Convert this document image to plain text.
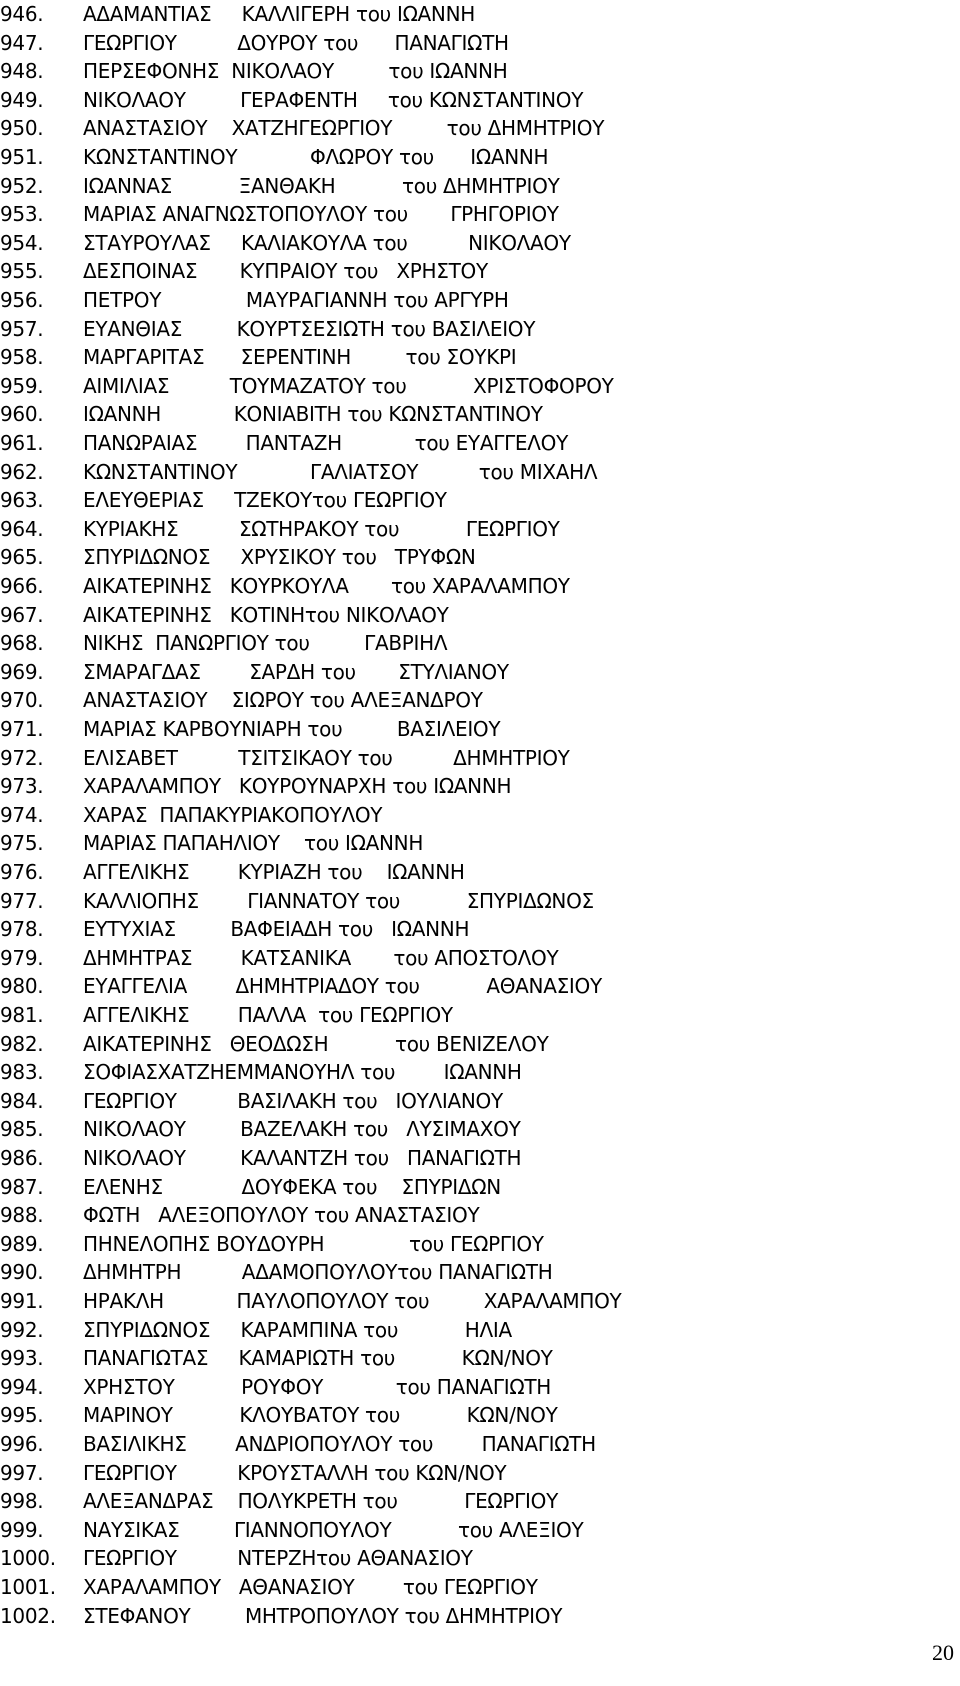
946. ΑΔΑΜΑΝΤΙΑΣ     ΚΑΛΛΙΓΕΡΗ του ΙΩΑΝΝΗ
947. ΓΕΩΡΓΙΟΥ          ΔΟΥΡΟΥ του      ΠΑΝΑΓΙΩΤΗ
948. ΠΕΡΣΕΦΟΝΗΣ  ΝΙΚΟΛΑΟΥ         του ΙΩΑΝΝΗ
949. ΝΙΚΟΛΑΟΥ         ΓΕΡΑΦΕΝΤΗ     του ΚΩΝΣΤΑΝΤΙΝΟΥ
950. ΑΝΑΣΤΑΣΙΟΥ    ΧΑΤΖΗΓΕΩΡΓΙΟΥ         του ΔΗΜΗΤΡΙΟΥ
951. ΚΩΝΣΤΑΝΤΙΝΟΥ            ΦΛΩΡΟΥ του      ΙΩΑΝΝΗ
952. ΙΩΑΝΝΑΣ           ΞΑΝΘΑΚΗ           του ΔΗΜΗΤΡΙΟΥ
953. ΜΑΡΙΑΣ ΑΝΑΓΝΩΣΤΟΠΟΥΛΟΥ του       ΓΡΗΓΟΡΙΟΥ
954. ΣΤΑΥΡΟΥΛΑΣ     ΚΑΛΙΑΚΟΥΛΑ του          ΝΙΚΟΛΑΟΥ
955. ΔΕΣΠΟΙΝΑΣ       ΚΥΠΡΑΙΟΥ του   ΧΡΗΣΤΟΥ
956. ΠΕΤΡΟΥ              ΜΑΥΡΑΓΙΑΝΝΗ του ΑΡΓΥΡΗ
957. ΕΥΑΝΘΙΑΣ         ΚΟΥΡΤΣΕΣΙΩΤΗ του ΒΑΣΙΛΕΙΟΥ
958. ΜΑΡΓΑΡΙΤΑΣ      ΣΕΡΕΝΤΙΝΗ         του ΣΟΥΚΡΙ
959. ΑΙΜΙΛΙΑΣ          ΤΟΥΜΑΖΑΤΟΥ του           ΧΡΙΣΤΟΦΟΡΟΥ
960. ΙΩΑΝΝΗ            ΚΟΝΙΑΒΙΤΗ του ΚΩΝΣΤΑΝΤΙΝΟΥ
961. ΠΑΝΩΡΑΙΑΣ        ΠΑΝΤΑΖΗ            του ΕΥΑΓΓΕΛΟΥ
962. ΚΩΝΣΤΑΝΤΙΝΟΥ            ΓΑΛΙΑΤΣΟΥ          του ΜΙΧΑΗΛ
963. ΕΛΕΥΘΕΡΙΑΣ     ΤΖΕΚΟΥτου ΓΕΩΡΓΙΟΥ
964. ΚΥΡΙΑΚΗΣ          ΣΩΤΗΡΑΚΟΥ του           ΓΕΩΡΓΙΟΥ
965. ΣΠΥΡΙΔΩΝΟΣ     ΧΡΥΣΙΚΟΥ του   ΤΡΥΦΩΝ
966. ΑΙΚΑΤΕΡΙΝΗΣ   ΚΟΥΡΚΟΥΛΑ       του ΧΑΡΑΛΑΜΠΟΥ
967. ΑΙΚΑΤΕΡΙΝΗΣ   ΚΟΤΙΝΗτου ΝΙΚΟΛΑΟΥ
968. ΝΙΚΗΣ  ΠΑΝΩΡΓΙΟΥ του         ΓΑΒΡΙΗΛ
969. ΣΜΑΡΑΓΔΑΣ        ΣΑΡΔΗ του       ΣΤΥΛΙΑΝΟΥ
970. ΑΝΑΣΤΑΣΙΟΥ    ΣΙΩΡΟΥ του ΑΛΕΞΑΝΔΡΟΥ
971. ΜΑΡΙΑΣ ΚΑΡΒΟΥΝΙΑΡΗ του         ΒΑΣΙΛΕΙΟΥ
972. ΕΛΙΣΑΒΕΤ          ΤΣΙΤΣΙΚΑΟΥ του          ΔΗΜΗΤΡΙΟΥ
973. ΧΑΡΑΛΑΜΠΟΥ   ΚΟΥΡΟΥΝΑΡΧΗ του ΙΩΑΝΝΗ
974. ΧΑΡΑΣ  ΠΑΠΑΚΥΡΙΑΚΟΠΟΥΛΟΥ
975. ΜΑΡΙΑΣ ΠΑΠΑΗΛΙΟΥ    του ΙΩΑΝΝΗ
976. ΑΓΓΕΛΙΚΗΣ        ΚΥΡΙΑΖΗ του    ΙΩΑΝΝΗ
977. ΚΑΛΛΙΟΠΗΣ        ΓΙΑΝΝΑΤΟΥ του           ΣΠΥΡΙΔΩΝΟΣ
978. ΕΥΤΥΧΙΑΣ         ΒΑΦΕΙΑΔΗ του   ΙΩΑΝΝΗ
979. ΔΗΜΗΤΡΑΣ        ΚΑΤΣΑΝΙΚΑ       του ΑΠΟΣΤΟΛΟΥ
980. ΕΥΑΓΓΕΛΙΑ        ΔΗΜΗΤΡΙΑΔΟΥ του           ΑΘΑΝΑΣΙΟΥ
981. ΑΓΓΕΛΙΚΗΣ        ΠΑΛΛΑ  του ΓΕΩΡΓΙΟΥ
982. ΑΙΚΑΤΕΡΙΝΗΣ   ΘΕΟΔΩΣΗ           του ΒΕΝΙΖΕΛΟΥ
983. ΣΟΦΙΑΣΧΑΤΖΗΕΜΜΑΝΟΥΗΛ του        ΙΩΑΝΝΗ
984. ΓΕΩΡΓΙΟΥ          ΒΑΣΙΛΑΚΗ του   ΙΟΥΛΙΑΝΟΥ
985. ΝΙΚΟΛΑΟΥ         ΒΑΖΕΛΑΚΗ του   ΛΥΣΙΜΑΧΟΥ
986. ΝΙΚΟΛΑΟΥ         ΚΑΛΑΝΤΖΗ του   ΠΑΝΑΓΙΩΤΗ
987. ΕΛΕΝΗΣ             ΔΟΥΦΕΚΑ του    ΣΠΥΡΙΔΩΝ
988. ΦΩΤΗ   ΑΛΕΞΟΠΟΥΛΟΥ του ΑΝΑΣΤΑΣΙΟΥ
989. ΠΗΝΕΛΟΠΗΣ ΒΟΥΔΟΥΡΗ              του ΓΕΩΡΓΙΟΥ
990. ΔΗΜΗΤΡΗ          ΑΔΑΜΟΠΟΥΛΟΥτου ΠΑΝΑΓΙΩΤΗ
991. ΗΡΑΚΛΗ            ΠΑΥΛΟΠΟΥΛΟΥ του         ΧΑΡΑΛΑΜΠΟΥ
992. ΣΠΥΡΙΔΩΝΟΣ     ΚΑΡΑΜΠΙΝΑ του           ΗΛΙΑ
993. ΠΑΝΑΓΙΩΤΑΣ     ΚΑΜΑΡΙΩΤΗ του           ΚΩΝ/ΝΟΥ
994. ΧΡΗΣΤΟΥ           ΡΟΥΦΟΥ            του ΠΑΝΑΓΙΩΤΗ
995. ΜΑΡΙΝΟΥ           ΚΛΟΥΒΑΤΟΥ του           ΚΩΝ/ΝΟΥ
996. ΒΑΣΙΛΙΚΗΣ        ΑΝΔΡΙΟΠΟΥΛΟΥ του        ΠΑΝΑΓΙΩΤΗ
997. ΓΕΩΡΓΙΟΥ          ΚΡΟΥΣΤΑΛΛΗ του ΚΩΝ/ΝΟΥ
998. ΑΛΕΞΑΝΔΡΑΣ    ΠΟΛΥΚΡΕΤΗ του           ΓΕΩΡΓΙΟΥ
999. ΝΑΥΣΙΚΑΣ         ΓΙΑΝΝΟΠΟΥΛΟΥ           του ΑΛΕΞΙΟΥ
1000. ΓΕΩΡΓΙΟΥ          ΝΤΕΡΖΗτου ΑΘΑΝΑΣΙΟΥ
1001. ΧΑΡΑΛΑΜΠΟΥ   ΑΘΑΝΑΣΙΟΥ        του ΓΕΩΡΓΙΟΥ
1002. ΣΤΕΦΑΝΟΥ         ΜΗΤΡΟΠΟΥΛΟΥ του ΔΗΜΗΤΡΙΟΥ
20
